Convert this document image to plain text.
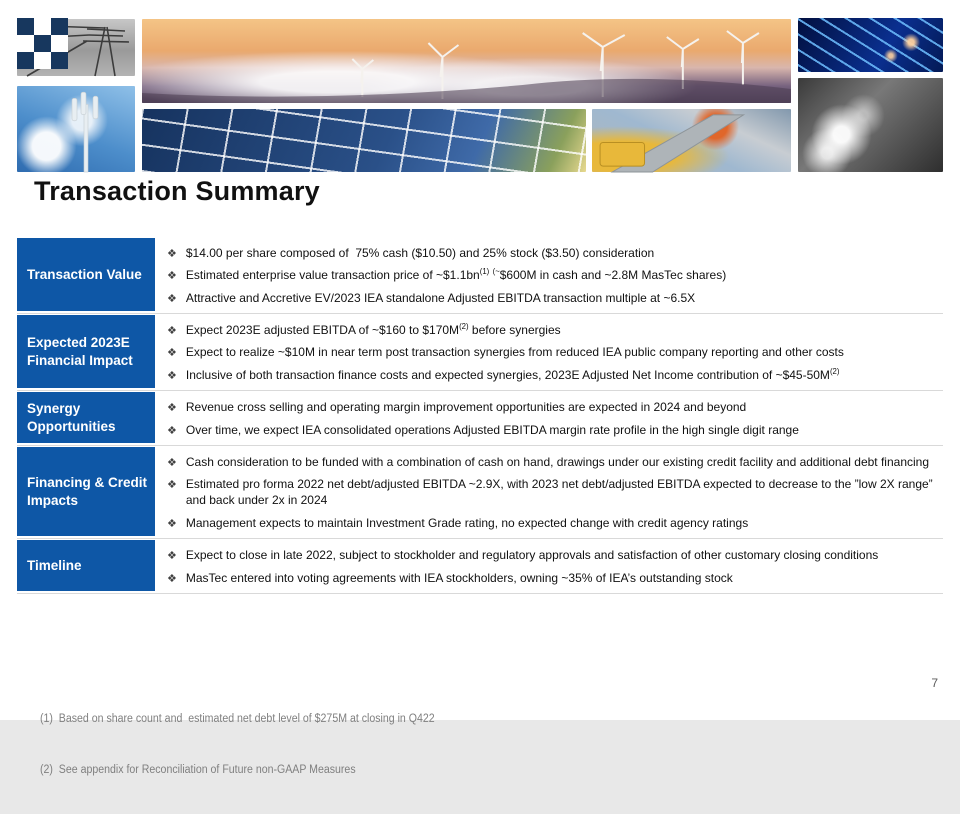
Transaction Summary
Transaction Value
❖ $14.00 per share composed of  75% cash ($10.50) and 25% stock ($3.50) consideration
❖ Estimated enterprise value transaction price of $\sim\$1.1bn^{(1)}$ (~$600M in cash and ~2.8M MasTec shares)
❖ Attractive and Accretive EV/2023 IEA standalone Adjusted EBITDA transaction multiple at ~6.5X
Expected 2023E Financial Impact
❖ Expect 2023E adjusted EBITDA of ~$160 to $\$170M^{(2)}$ before synergies
❖ Expect to realize ~$10M in near term post transaction synergies from reduced IEA public company reporting and other costs
❖ Inclusive of both transaction finance costs and expected synergies, 2023E Adjusted Net Income contribution of $\sim\$45-50M^{(2)}$
Synergy Opportunities
❖ Revenue cross selling and operating margin improvement opportunities are expected in 2024 and beyond
❖ Over time, we expect IEA consolidated operations Adjusted EBITDA margin rate profile in the high single digit range
Financing & Credit Impacts
❖ Cash consideration to be funded with a combination of cash on hand, drawings under our existing credit facility and additional debt financing
❖ Estimated pro forma 2022 net debt/adjusted EBITDA ~2.9X, with 2023 net debt/adjusted EBITDA expected to decrease to the ”low 2X range” and back under 2x in 2024
❖ Management expects to maintain Investment Grade rating, no expected change with credit agency ratings
Timeline
❖ Expect to close in late 2022, subject to stockholder and regulatory approvals and satisfaction of other customary closing conditions
❖ MasTec entered into voting agreements with IEA stockholders, owning ~35% of IEA’s outstanding stock

(1)  Based on share count and  estimated net debt level of $275M at closing in Q422

(2)  See appendix for Reconciliation of Future non-GAAP Measures

7
